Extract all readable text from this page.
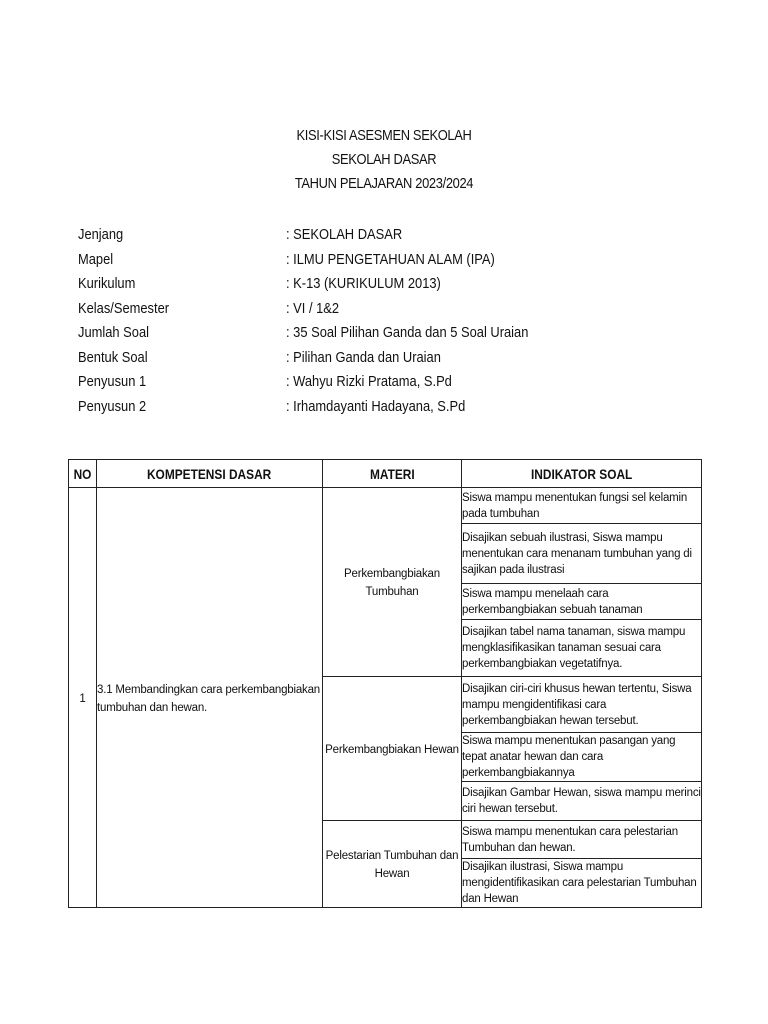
KISI-KISI ASESMEN SEKOLAH
SEKOLAH DASAR
TAHUN PELAJARAN 2023/2024
Jenjang	: SEKOLAH DASAR
Mapel	: ILMU PENGETAHUAN ALAM (IPA)
Kurikulum	: K-13 (KURIKULUM 2013)
Kelas/Semester	: VI / 1&2
Jumlah Soal	: 35 Soal Pilihan Ganda dan 5 Soal Uraian
Bentuk Soal	: Pilihan Ganda dan Uraian
Penyusun 1	: Wahyu Rizki Pratama, S.Pd
Penyusun 2	: Irhamdayanti Hadayana, S.Pd
NO	KOMPETENSI DASAR	MATERI	INDIKATOR SOAL
1	3.1 Membandingkan cara perkembangbiakan tumbuhan dan hewan.	Perkembangbiakan Tumbuhan	Siswa mampu menentukan fungsi sel kelamin pada tumbuhan

			Disajikan sebuah ilustrasi, Siswa mampu menentukan cara menanam tumbuhan yang di sajikan pada ilustrasi

			Siswa mampu menelaah cara perkembangbiakan sebuah tanaman

			Disajikan tabel nama tanaman, siswa mampu mengklasifikasikan tanaman sesuai cara perkembangbiakan vegetatifnya.

		Perkembangbiakan Hewan	Disajikan ciri-ciri khusus hewan tertentu, Siswa mampu mengidentifikasi cara perkembangbiakan hewan tersebut.

			Siswa mampu menentukan pasangan yang tepat anatar hewan dan cara perkembangbiakannya

			Disajikan Gambar Hewan, siswa mampu merinci ciri hewan tersebut.

		Pelestarian Tumbuhan dan Hewan	Siswa mampu menentukan cara pelestarian Tumbuhan dan hewan.

			Disajikan ilustrasi, Siswa mampu mengidentifikasikan cara pelestarian Tumbuhan dan Hewan
